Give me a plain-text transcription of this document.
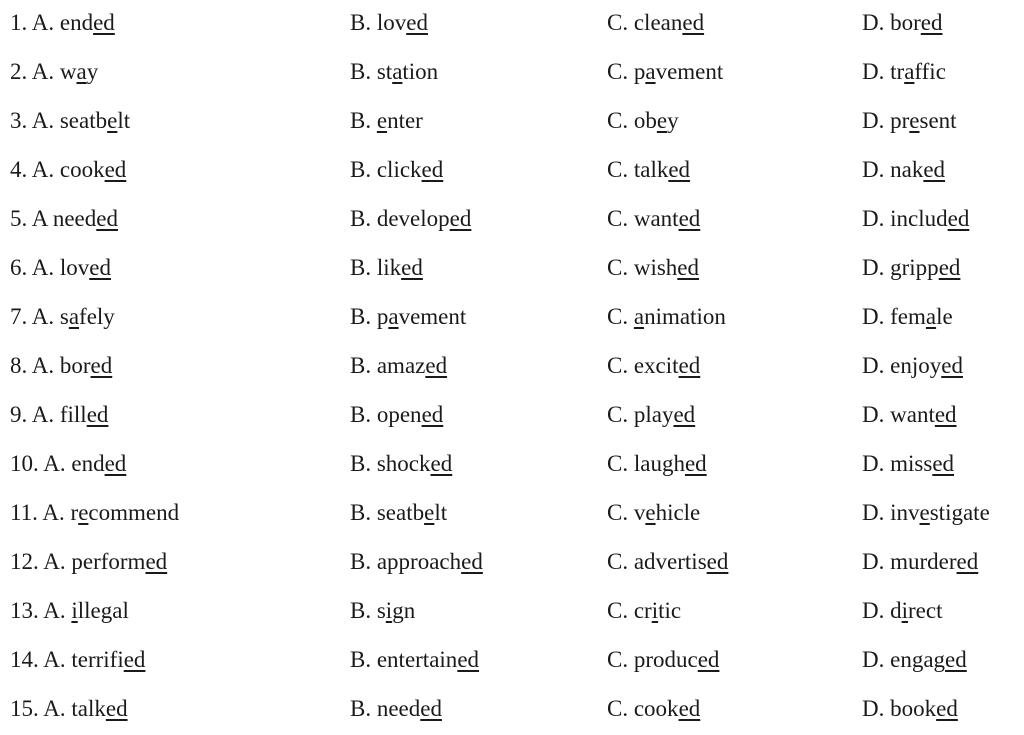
1. A. ended	B. loved	C. cleaned	D. bored
2. A. way	B. station	C. pavement	D. traffic
3. A. seatbelt	B. enter	C. obey	D. present
4. A. cooked	B. clicked	C. talked	D. naked
5. A needed	B. developed	C. wanted	D. included
6. A. loved	B. liked	C. wished	D. gripped
7. A. safely	B. pavement	C. animation	D. female
8. A. bored	B. amazed	C. excited	D. enjoyed
9. A. filled	B. opened	C. played	D. wanted
10. A. ended	B. shocked	C. laughed	D. missed
11. A. recommend	B. seatbelt	C. vehicle	D. investigate
12. A. performed	B. approached	C. advertised	D. murdered
13. A. illegal	B. sign	C. critic	D. direct
14. A. terrified	B. entertained	C. produced	D. engaged
15. A. talked	B. needed	C. cooked	D. booked
